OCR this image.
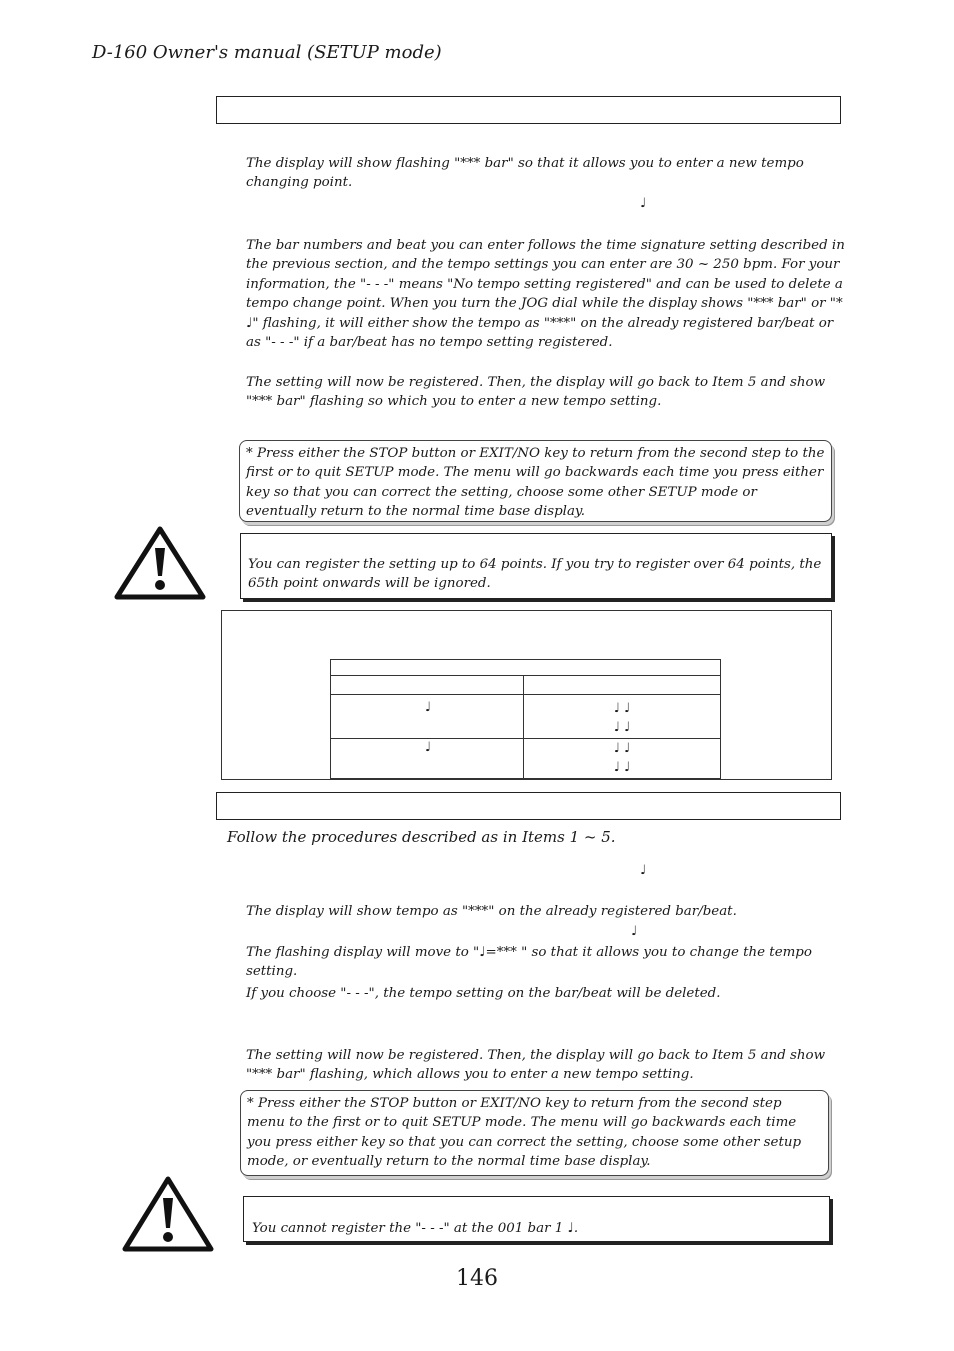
D-160 Owner's manual (SETUP mode)
The display will show flashing "*** bar" so that it allows you to enter a new tempo changing point.
♩
The bar numbers and beat you can enter follows the time signature setting described in the previous section, and the tempo settings you can enter are 30 ~ 250 bpm. For your information, the "- - -" means "No tempo setting registered" and can be used to delete a tempo change point. When you turn the JOG dial while the display shows "*** bar" or "* ♩" flashing, it will either show the tempo as "***" on the already registered bar/beat or as "- - -" if a bar/beat has no tempo setting registered.
The setting will now be registered. Then, the display will go back to Item 5 and show "*** bar" flashing so which you to enter a new tempo setting.
* Press either the STOP button or EXIT/NO key to return from the second step to the first or to quit SETUP mode. The menu will go backwards each time you press either key so that you can correct the setting, choose some other SETUP mode or eventually return to the normal time base display.
You can register the setting up to 64 points. If you try to register over 64 points, the 65th point onwards will be ignored.

♩	♩ ♩
♩ ♩

♩	♩ ♩
♩ ♩
Follow the procedures described as in Items 1 ~ 5.
♩
The display will show tempo as "***" on the already registered bar/beat.
♩
The flashing display will move to "♩=*** " so that it allows you to change the tempo setting.
If you choose "- - -", the tempo setting on the bar/beat will be deleted.
The setting will now be registered. Then, the display will go back to Item 5 and show "*** bar" flashing, which allows you to enter a new tempo setting.
* Press either the STOP button or EXIT/NO key to return from the second step menu to the first or to quit SETUP mode. The menu will go backwards each time you press either key so that you can correct the setting, choose some other setup mode, or eventually return to the normal time base display.
You cannot register the "- - -" at the 001 bar 1 ♩.
146
